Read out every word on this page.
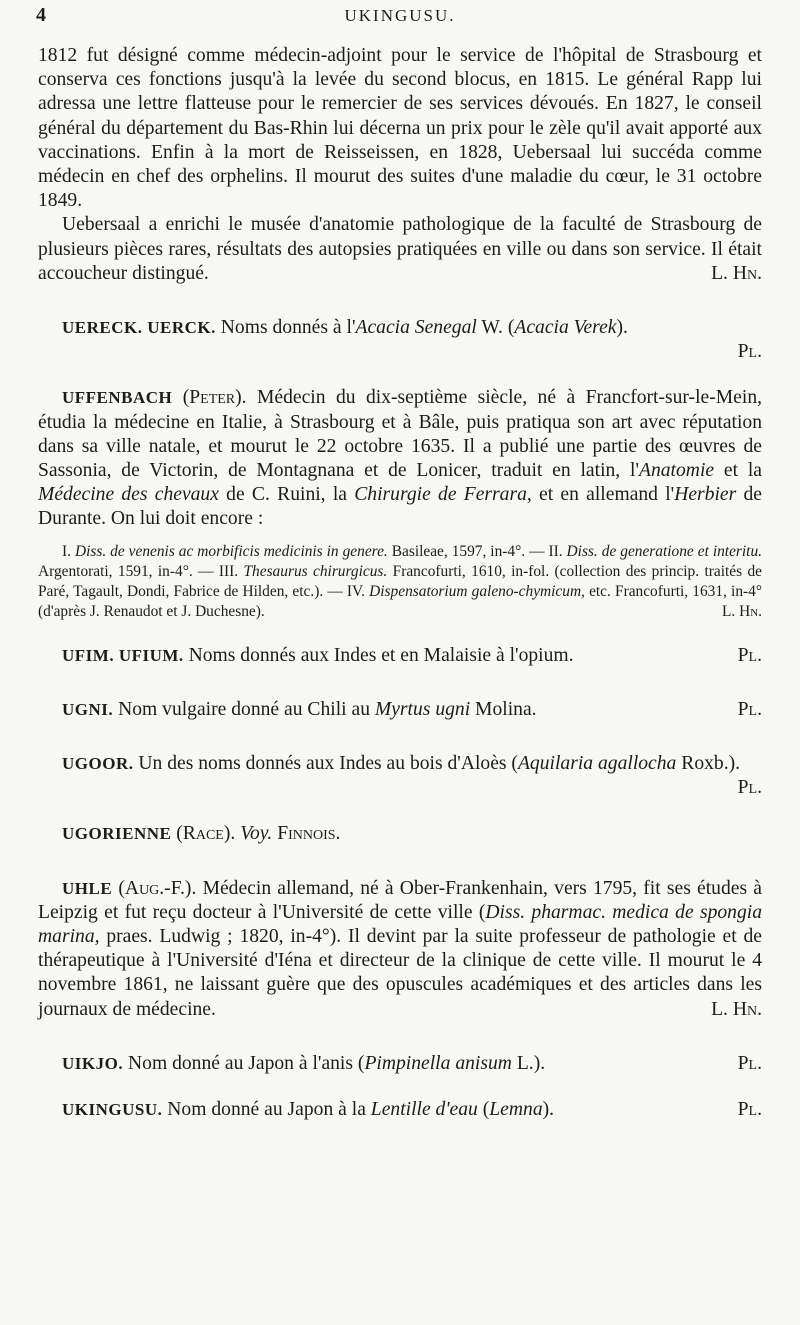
4	UKINGUSU.

1812 fut désigné comme médecin-adjoint pour le service de l'hôpital de Strasbourg et conserva ces fonctions jusqu'à la levée du second blocus, en 1815. Le général Rapp lui adressa une lettre flatteuse pour le remercier de ses services dévoués. En 1827, le conseil général du département du Bas-Rhin lui décerna un prix pour le zèle qu'il avait apporté aux vaccinations. Enfin à la mort de Reisseissen, en 1828, Uebersaal lui succéda comme médecin en chef des orphelins. Il mourut des suites d'une maladie du cœur, le 31 octobre 1849.

Uebersaal a enrichi le musée d'anatomie pathologique de la faculté de Strasbourg de plusieurs pièces rares, résultats des autopsies pratiquées en ville ou dans son service. Il était accoucheur distingué.	L. Hn.

UERECK. UERCK. Noms donnés à l'Acacia Senegal W. (Acacia Verek).

Pl.

UFFENBACH (Peter). Médecin du dix-septième siècle, né à Francfort-sur-le-Mein, étudia la médecine en Italie, à Strasbourg et à Bâle, puis pratiqua son art avec réputation dans sa ville natale, et mourut le 22 octobre 1635. Il a publié une partie des œuvres de Sassonia, de Victorin, de Montagnana et de Lonicer, traduit en latin, l'Anatomie et la Médecine des chevaux de C. Ruini, la Chirurgie de Ferrara, et en allemand l'Herbier de Durante. On lui doit encore :

I. Diss. de venenis ac morbificis medicinis in genere. Basileae, 1597, in-4°. — II. Diss. de generatione et interitu. Argentorati, 1591, in-4°. — III. Thesaurus chirurgicus. Francofurti, 1610, in-fol. (collection des princip. traités de Paré, Tagault, Dondi, Fabrice de Hilden, etc.). — IV. Dispensatorium galeno-chymicum, etc. Francofurti, 1631, in-4° (d'après J. Renaudot et J. Duchesne).	L. Hn.

UFIM. UFIUM. Noms donnés aux Indes et en Malaisie à l'opium.	Pl.

UGNI. Nom vulgaire donné au Chili au Myrtus ugni Molina.	Pl.

UGOOR. Un des noms donnés aux Indes au bois d'Aloès (Aquilaria agallocha Roxb.).
Pl.

UGORIENNE (Race). Voy. Finnois.

UHLE (Aug.-F.). Médecin allemand, né à Ober-Frankenhain, vers 1795, fit ses études à Leipzig et fut reçu docteur à l'Université de cette ville (Diss. pharmac. medica de spongia marina, praes. Ludwig ; 1820, in-4°). Il devint par la suite professeur de pathologie et de thérapeutique à l'Université d'Iéna et directeur de la clinique de cette ville. Il mourut le 4 novembre 1861, ne laissant guère que des opuscules académiques et des articles dans les journaux de médecine.	L. Hn.

UIKJO. Nom donné au Japon à l'anis (Pimpinella anisum L.).	Pl.

UKINGUSU. Nom donné au Japon à la Lentille d'eau (Lemna).	Pl.
